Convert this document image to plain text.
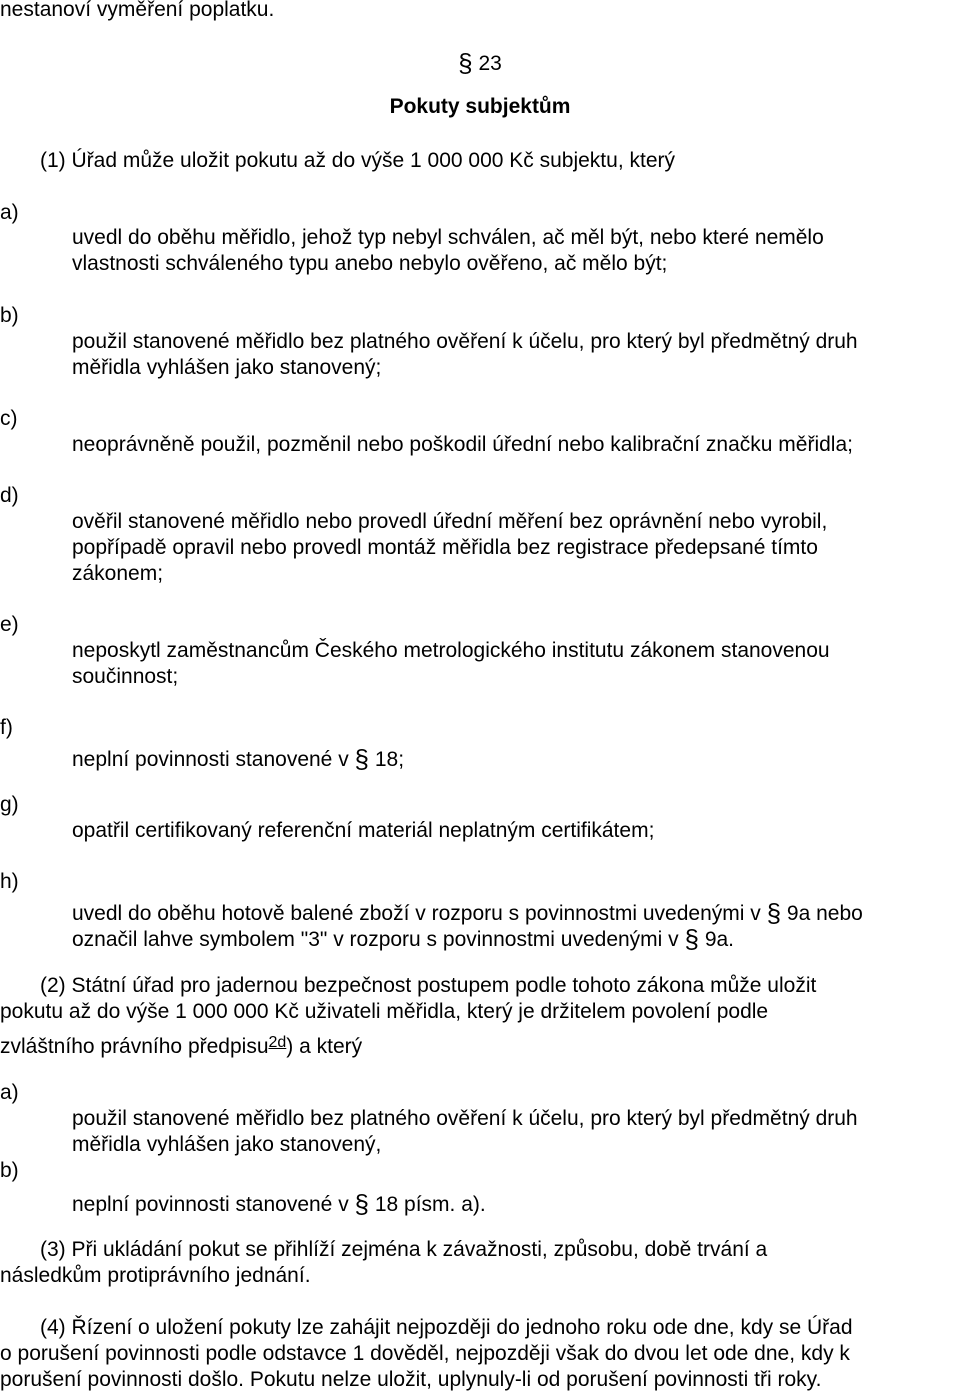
nestanoví vyměření poplatku.
§ 23
Pokuty subjektům
(1) Úřad může uložit pokutu až do výše 1 000 000 Kč subjektu, který
a)
uvedl do oběhu měřidlo, jehož typ nebyl schválen, ač měl být, nebo které nemělo
vlastnosti schváleného typu anebo nebylo ověřeno, ač mělo být;
b)
použil stanovené měřidlo bez platného ověření k účelu, pro který byl předmětný druh
měřidla vyhlášen jako stanovený;
c)
neoprávněně použil, pozměnil nebo poškodil úřední nebo kalibrační značku měřidla;
d)
ověřil stanovené měřidlo nebo provedl úřední měření bez oprávnění nebo vyrobil,
popřípadě opravil nebo provedl montáž měřidla bez registrace předepsané tímto
zákonem;
e)
neposkytl zaměstnancům Českého metrologického institutu zákonem stanovenou
součinnost;
f)
neplní povinnosti stanovené v § 18;
g)
opatřil certifikovaný referenční materiál neplatným certifikátem;
h)
uvedl do oběhu hotově balené zboží v rozporu s povinnostmi uvedenými v § 9a nebo
označil lahve symbolem "3" v rozporu s povinnostmi uvedenými v § 9a.
(2) Státní úřad pro jadernou bezpečnost postupem podle tohoto zákona může uložit
pokutu až do výše 1 000 000 Kč uživateli měřidla, který je držitelem povolení podle
zvláštního právního předpisu$^{2d}$) a který
a)
použil stanovené měřidlo bez platného ověření k účelu, pro který byl předmětný druh
měřidla vyhlášen jako stanovený,
b)
neplní povinnosti stanovené v § 18 písm. a).
(3) Při ukládání pokut se přihlíží zejména k závažnosti, způsobu, době trvání a
následkům protiprávního jednání.
(4) Řízení o uložení pokuty lze zahájit nejpozději do jednoho roku ode dne, kdy se Úřad
o porušení povinnosti podle odstavce 1 dověděl, nejpozději však do dvou let ode dne, kdy k
porušení povinnosti došlo. Pokutu nelze uložit, uplynuly-li od porušení povinnosti tři roky.
